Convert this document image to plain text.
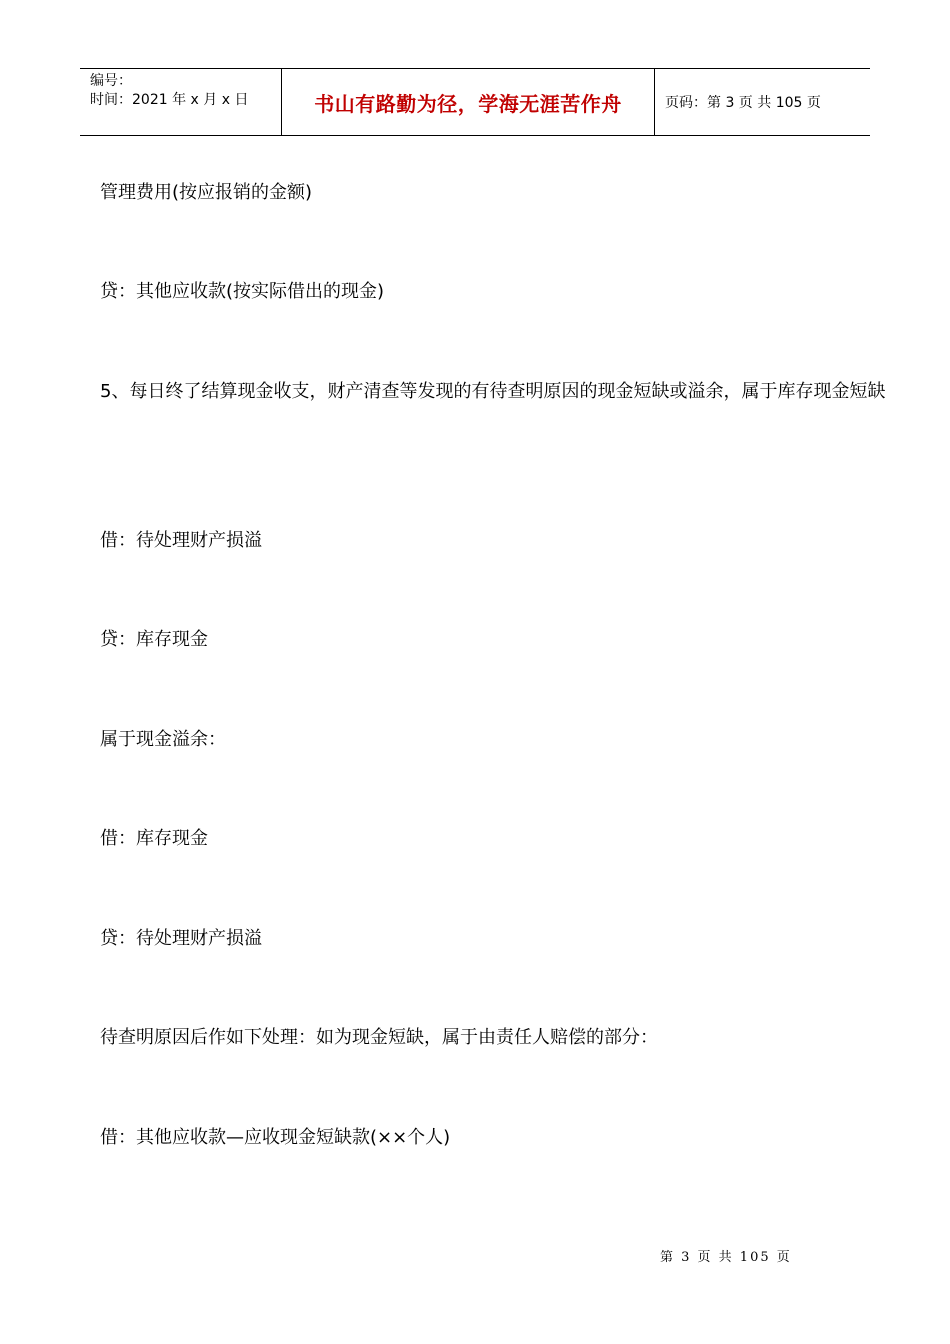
编号：
时间：2021 年 x 月 x 日	书山有路勤为径，学海无涯苦作舟	页码：第 3 页 共 105 页
管理费用(按应报销的金额)
贷：其他应收款(按实际借出的现金)
5、每日终了结算现金收支，财产清查等发现的有待查明原因的现金短缺或溢余，属于库存现金短缺
借：待处理财产损溢
贷：库存现金
属于现金溢余：
借：库存现金
贷：待处理财产损溢
待查明原因后作如下处理：如为现金短缺，属于由责任人赔偿的部分：
借：其他应收款—应收现金短缺款(××个人)
第 3 页 共 105 页
